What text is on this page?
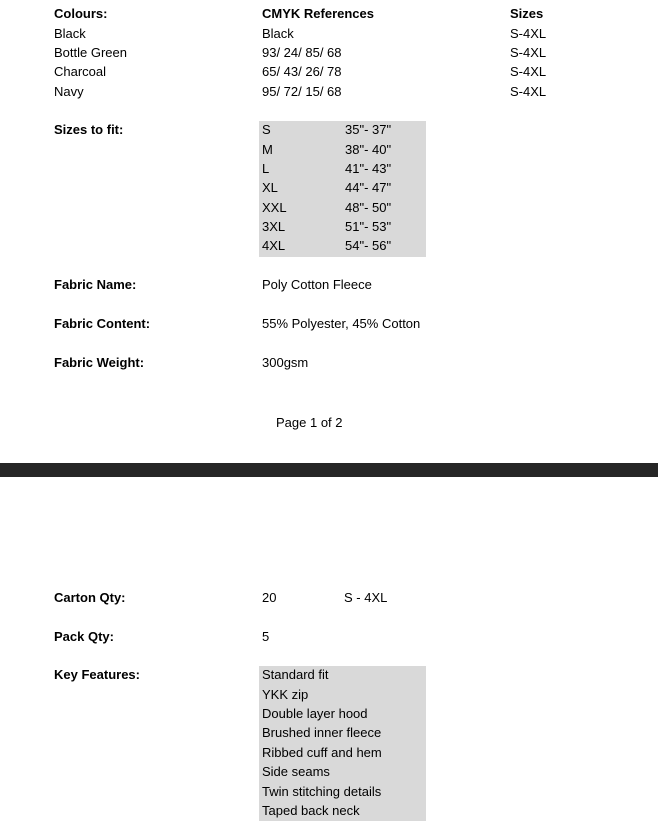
Colours:	CMYK References	Sizes
Black	Black	S-4XL
Bottle Green	93/ 24/ 85/ 68	S-4XL
Charcoal	65/ 43/ 26/ 78	S-4XL
Navy	95/ 72/ 15/ 68	S-4XL
Sizes to fit:	S	35"- 37"
M	38"- 40"
L	41"- 43"
XL	44"- 47"
XXL	48"- 50"
3XL	51"- 53"
4XL	54"- 56"
Fabric Name:	Poly Cotton Fleece
Fabric Content:	55% Polyester, 45% Cotton
Fabric Weight:	300gsm
Page 1 of 2
Carton Qty:	20	S - 4XL
Pack Qty:	5
Key Features:	Standard fit
YKK zip
Double layer hood
Brushed inner fleece
Ribbed cuff and hem
Side seams
Twin stitching details
Taped back neck
